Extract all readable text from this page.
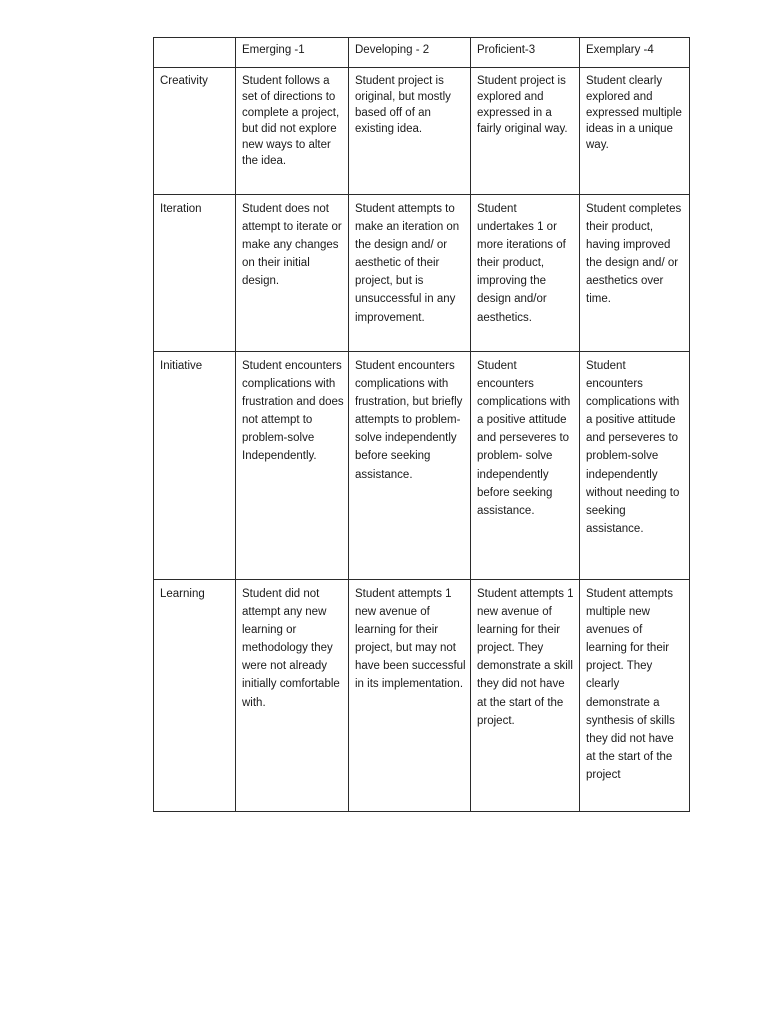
	Emerging -1	Developing - 2	Proficient-3	Exemplary -4
Creativity	Student follows a set of directions to complete a project, but did not explore new ways to alter the idea.	Student project is original, but mostly based off of an existing idea.	Student project is explored and expressed in a fairly original way.	Student clearly explored and expressed multiple ideas in a unique way.
Iteration	Student does not attempt to iterate or make any changes on their initial design.	Student attempts to make an iteration on the design and/ or aesthetic of their project, but is unsuccessful in any improvement.	Student undertakes 1 or more iterations of their product, improving the design and/or aesthetics.	Student completes their product, having improved the design and/ or aesthetics over time.
Initiative	Student encounters complications with frustration and does not attempt to problem-solve Independently.	Student encounters complications with frustration, but briefly attempts to problem-solve independently before seeking assistance.	Student encounters complications with a positive attitude and perseveres to problem- solve independently before seeking assistance.	Student encounters complications with a positive attitude and perseveres to problem-solve independently without needing to seeking assistance.
Learning	Student did not attempt any new learning or methodology they were not already initially comfortable with.	Student attempts 1 new avenue of learning for their project, but may not have been successful in its implementation.	Student attempts 1 new avenue of learning for their project. They demonstrate a skill they did not have at the start of the project.	Student attempts multiple new avenues of learning for their project. They clearly demonstrate a synthesis of skills they did not have at the start of the project
